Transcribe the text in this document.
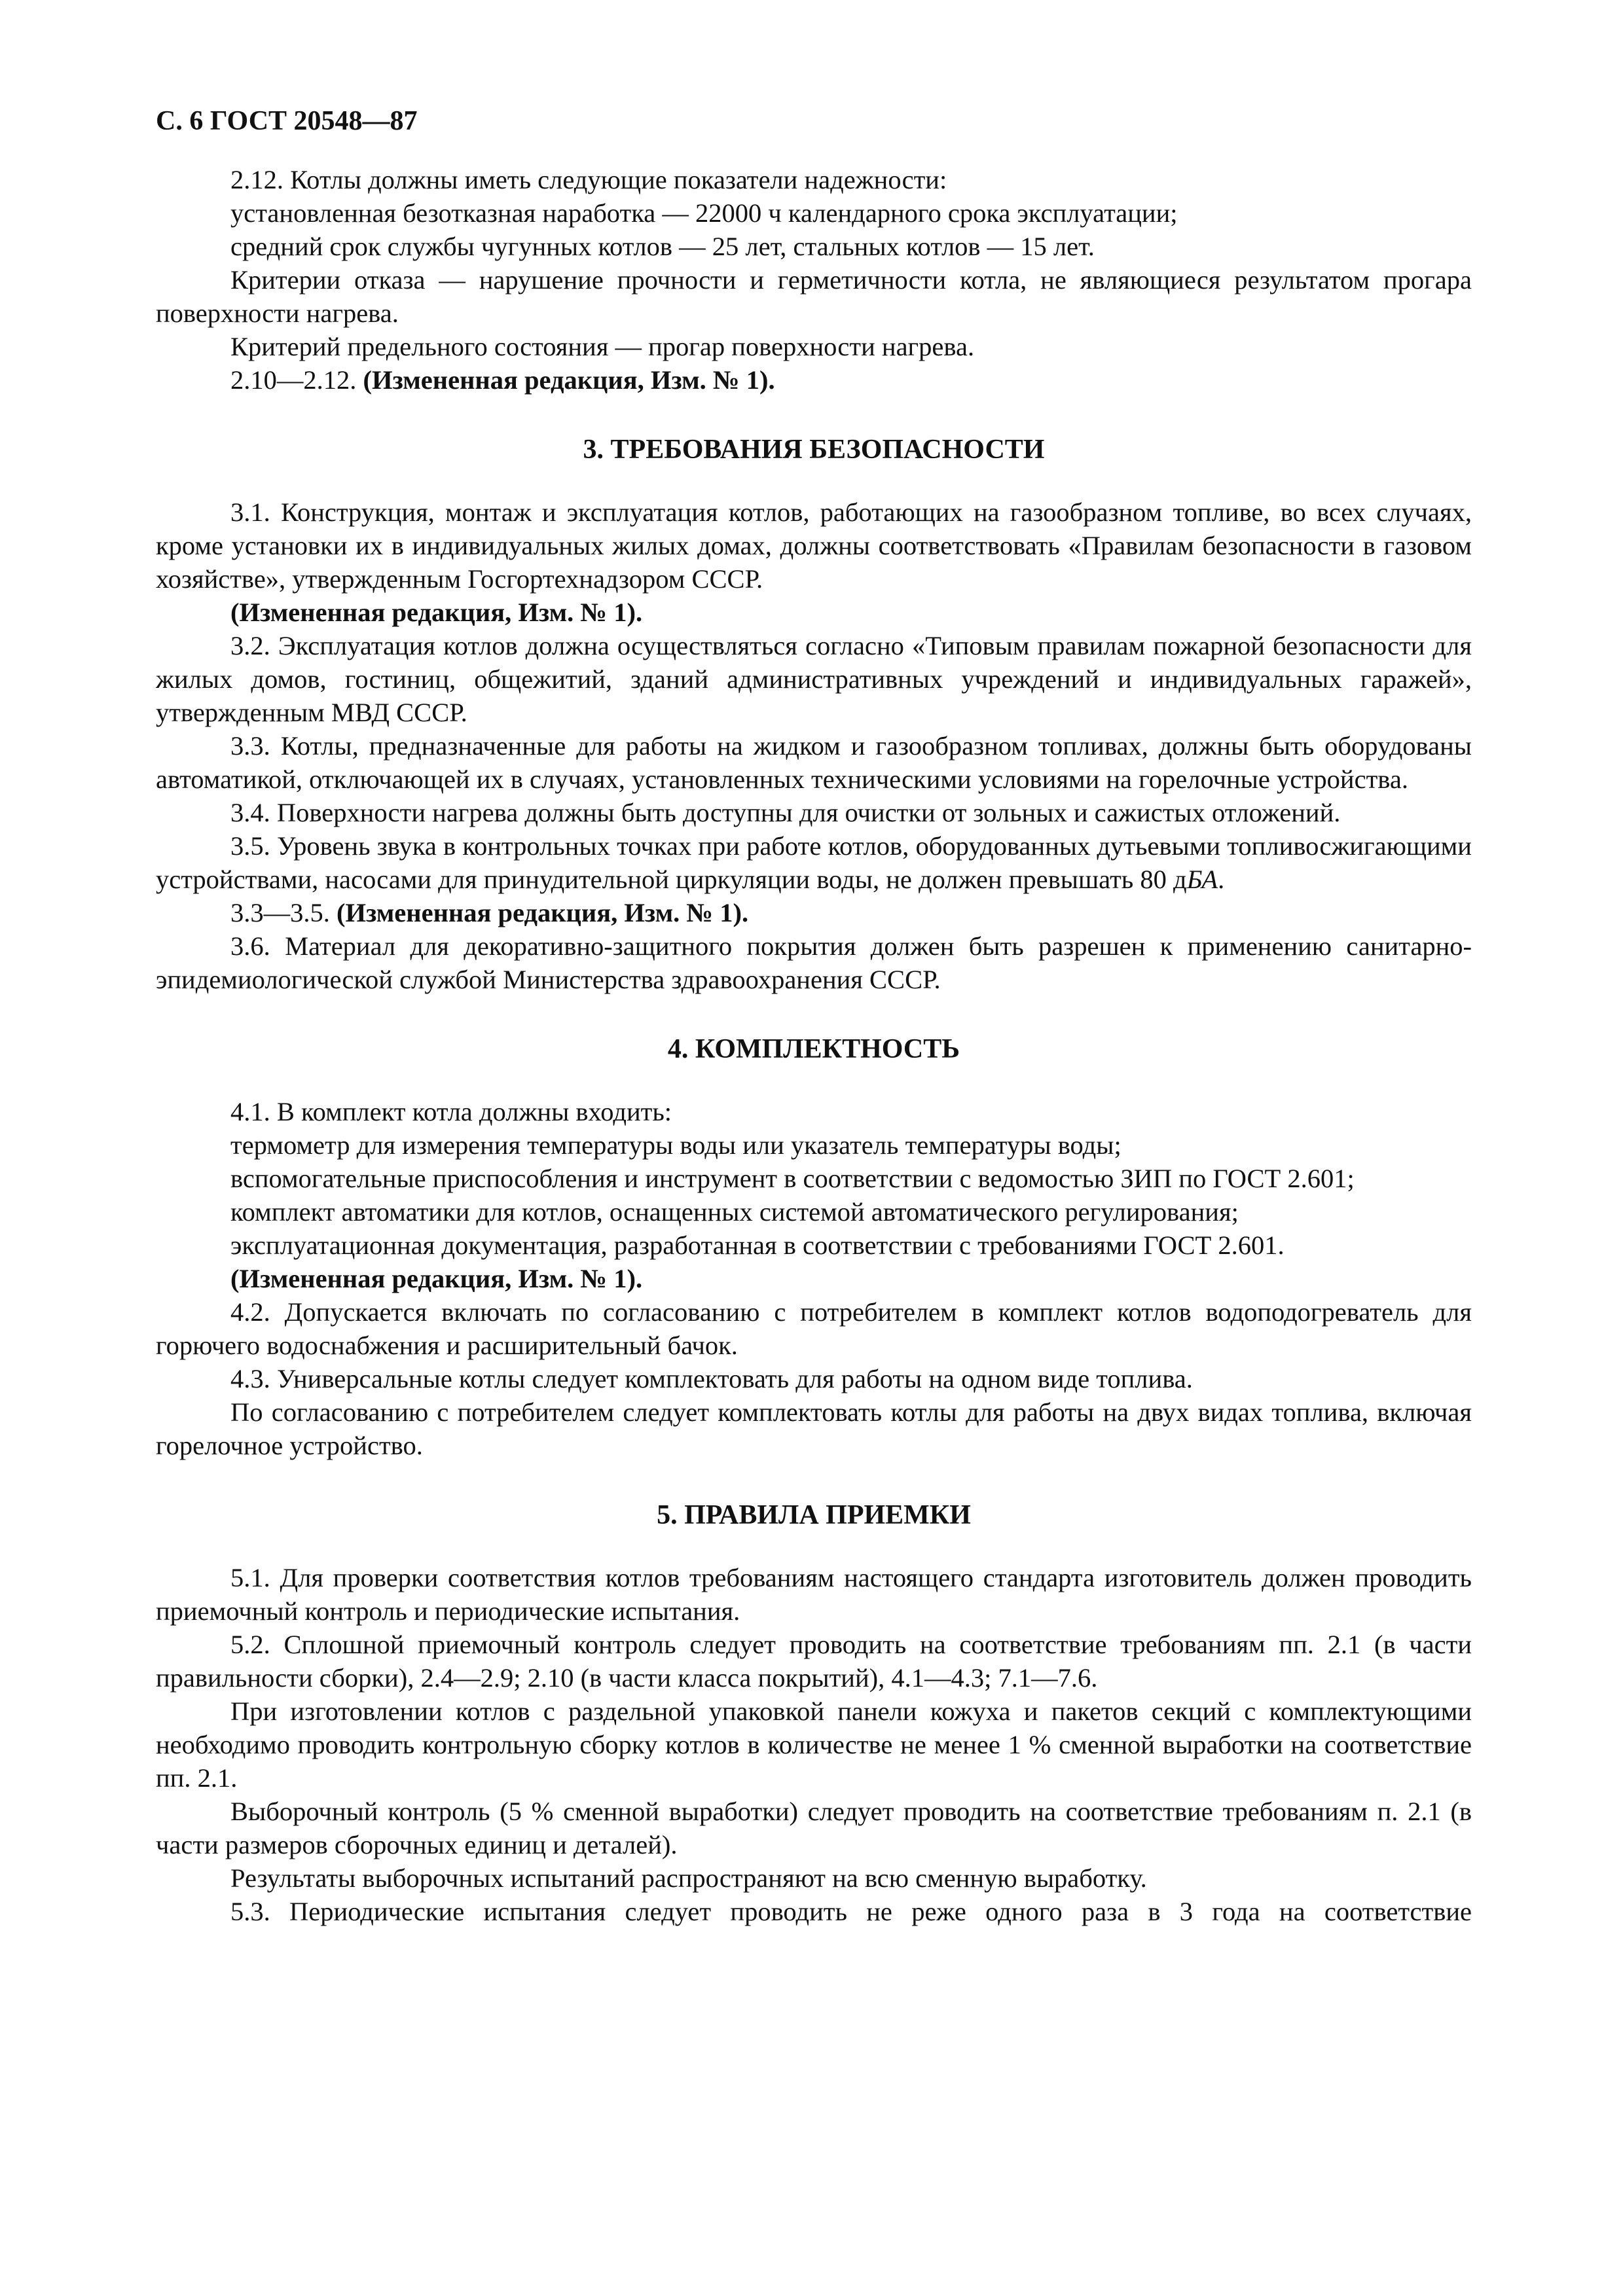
С. 6 ГОСТ 20548—87

2.12. Котлы должны иметь следующие показатели надежности:

установленная безотказная наработка — 22000 ч календарного срока эксплуатации;

средний срок службы чугунных котлов — 25 лет, стальных котлов — 15 лет.

Критерии отказа — нарушение прочности и герметичности котла, не являющиеся результатом прогара поверхности нагрева.

Критерий предельного состояния — прогар поверхности нагрева.

2.10—2.12. (Измененная редакция, Изм. № 1).

3. ТРЕБОВАНИЯ БЕЗОПАСНОСТИ

3.1. Конструкция, монтаж и эксплуатация котлов, работающих на газообразном топливе, во всех случаях, кроме установки их в индивидуальных жилых домах, должны соответствовать «Правилам безопасности в газовом хозяйстве», утвержденным Госгортехнадзором СССР.

(Измененная редакция, Изм. № 1).

3.2. Эксплуатация котлов должна осуществляться согласно «Типовым правилам пожарной безопасности для жилых домов, гостиниц, общежитий, зданий административных учреждений и индивидуальных гаражей», утвержденным МВД СССР.

3.3. Котлы, предназначенные для работы на жидком и газообразном топливах, должны быть оборудованы автоматикой, отключающей их в случаях, установленных техническими условиями на горелочные устройства.

3.4. Поверхности нагрева должны быть доступны для очистки от зольных и сажистых отложений.

3.5. Уровень звука в контрольных точках при работе котлов, оборудованных дутьевыми топливосжигающими устройствами, насосами для принудительной циркуляции воды, не должен превышать 80 дБА.

3.3—3.5. (Измененная редакция, Изм. № 1).

3.6. Материал для декоративно-защитного покрытия должен быть разрешен к применению санитарно-эпидемиологической службой Министерства здравоохранения СССР.

4. КОМПЛЕКТНОСТЬ

4.1. В комплект котла должны входить:

термометр для измерения температуры воды или указатель температуры воды;

вспомогательные приспособления и инструмент в соответствии с ведомостью ЗИП по ГОСТ 2.601;

комплект автоматики для котлов, оснащенных системой автоматического регулирования;

эксплуатационная документация, разработанная в соответствии с требованиями ГОСТ 2.601.

(Измененная редакция, Изм. № 1).

4.2. Допускается включать по согласованию с потребителем в комплект котлов водоподогреватель для горючего водоснабжения и расширительный бачок.

4.3. Универсальные котлы следует комплектовать для работы на одном виде топлива.

По согласованию с потребителем следует комплектовать котлы для работы на двух видах топлива, включая горелочное устройство.

5. ПРАВИЛА ПРИЕМКИ

5.1. Для проверки соответствия котлов требованиям настоящего стандарта изготовитель должен проводить приемочный контроль и периодические испытания.

5.2. Сплошной приемочный контроль следует проводить на соответствие требованиям пп. 2.1 (в части правильности сборки), 2.4—2.9; 2.10 (в части класса покрытий), 4.1—4.3; 7.1—7.6.

При изготовлении котлов с раздельной упаковкой панели кожуха и пакетов секций с комплектующими необходимо проводить контрольную сборку котлов в количестве не менее 1 % сменной выработки на соответствие пп. 2.1.

Выборочный контроль (5 % сменной выработки) следует проводить на соответствие требованиям п. 2.1 (в части размеров сборочных единиц и деталей).

Результаты выборочных испытаний распространяют на всю сменную выработку.

5.3. Периодические испытания следует проводить не реже одного раза в 3 года на соответствие
